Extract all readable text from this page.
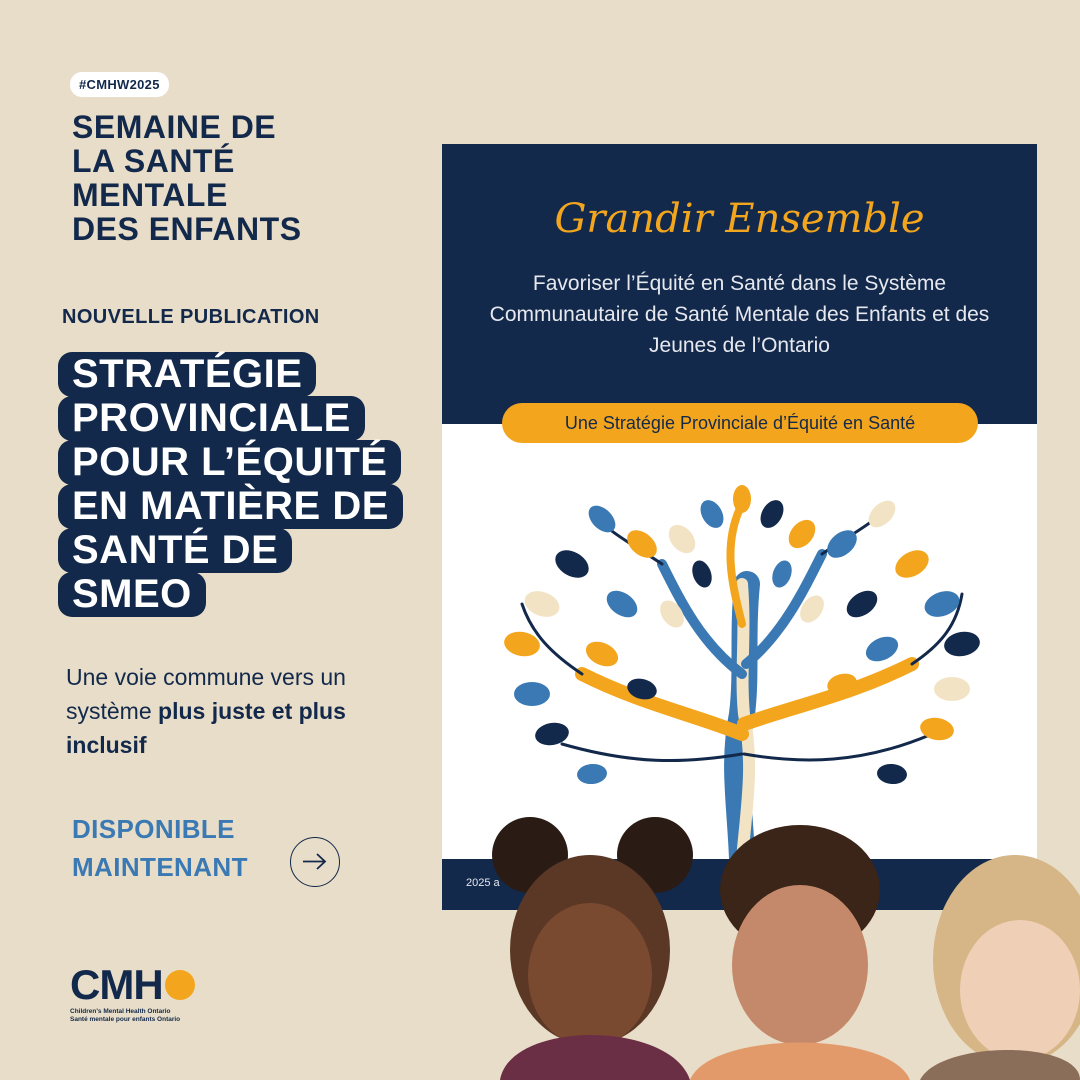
#CMHW2025
SEMAINE DE
LA SANTÉ
MENTALE
DES ENFANTS
NOUVELLE PUBLICATION
STRATÉGIE
PROVINCIALE
POUR L’ÉQUITÉ
EN MATIÈRE DE
SANTÉ DE
SMEO

Une voie commune vers un système plus juste et plus inclusif

DISPONIBLE
MAINTENANT
CMH
Children's Mental Health Ontario
Santé mentale pour enfants Ontario
Grandir Ensemble
Favoriser l’Équité en Santé dans le Système Communautaire de Santé Mentale des Enfants et des Jeunes de l’Ontario
Une Stratégie Provinciale d’Équité en Santé
2025 a
